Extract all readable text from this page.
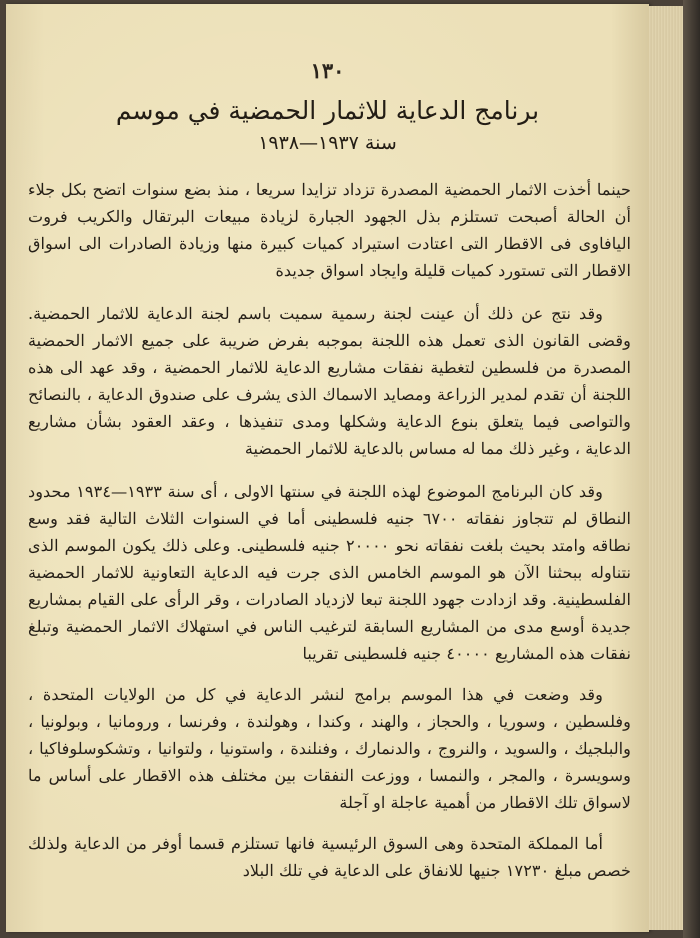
١٣٠
برنامج الدعاية للاثمار الحمضية في موسم
سنة ١٩٣٧—١٩٣٨

حينما أخذت الاثمار الحمضية المصدرة تزداد تزايدا سريعا ، منذ بضع سنوات اتضح بكل جلاء أن الحالة أصبحت تستلزم بذل الجهود الجبارة لزيادة مبيعات البرتقال والكريب فروت اليافاوى فى الاقطار التى اعتادت استيراد كميات كبيرة منها وزيادة الصادرات الى اسواق الاقطار التى تستورد كميات قليلة وايجاد اسواق جديدة

وقد نتج عن ذلك أن عينت لجنة رسمية سميت باسم لجنة الدعاية للاثمار الحمضية. وقضى القانون الذى تعمل هذه اللجنة بموجبه بفرض ضريبة على جميع الاثمار الحمضية المصدرة من فلسطين لتغطية نفقات مشاريع الدعاية للاثمار الحمضية ، وقد عهد الى هذه اللجنة أن تقدم لمدير الزراعة ومصايد الاسماك الذى يشرف على صندوق الدعاية ، بالنصائح والتواصى فيما يتعلق بنوع الدعاية وشكلها ومدى تنفيذها ، وعقد العقود بشأن مشاريع الدعاية ، وغير ذلك مما له مساس بالدعاية للاثمار الحمضية

وقد كان البرنامج الموضوع لهذه اللجنة في سنتها الاولى ، أى سنة ١٩٣٣—١٩٣٤ محدود النطاق لم تتجاوز نفقاته ٦٧٠٠ جنيه فلسطينى أما في السنوات الثلاث التالية فقد وسع نطاقه وامتد بحيث بلغت نفقاته نحو ٢٠٠٠٠ جنيه فلسطينى. وعلى ذلك يكون الموسم الذى نتناوله ببحثنا الآن هو الموسم الخامس الذى جرت فيه الدعاية التعاونية للاثمار الحمضية الفلسطينية. وقد ازدادت جهود اللجنة تبعا لازدياد الصادرات ، وقر الرأى على القيام بمشاريع جديدة أوسع مدى من المشاريع السابقة لترغيب الناس في استهلاك الاثمار الحمضية وتبلغ نفقات هذه المشاريع ٤٠٠٠٠ جنيه فلسطينى تقريبا

وقد وضعت في هذا الموسم برامج لنشر الدعاية في كل من الولايات المتحدة ، وفلسطين ، وسوريا ، والحجاز ، والهند ، وكندا ، وهولندة ، وفرنسا ، ورومانيا ، وبولونيا ، والبلجيك ، والسويد ، والنروج ، والدنمارك ، وفنلندة ، واستونيا ، ولتوانيا ، وتشكوسلوفاكيا ، وسويسرة ، والمجر ، والنمسا ، ووزعت النفقات بين مختلف هذه الاقطار على أساس ما لاسواق تلك الاقطار من أهمية عاجلة او آجلة

أما المملكة المتحدة وهى السوق الرئيسية فانها تستلزم قسما أوفر من الدعاية ولذلك خصص مبلغ ١٧٢٣٠ جنيها للانفاق على الدعاية في تلك البلاد
